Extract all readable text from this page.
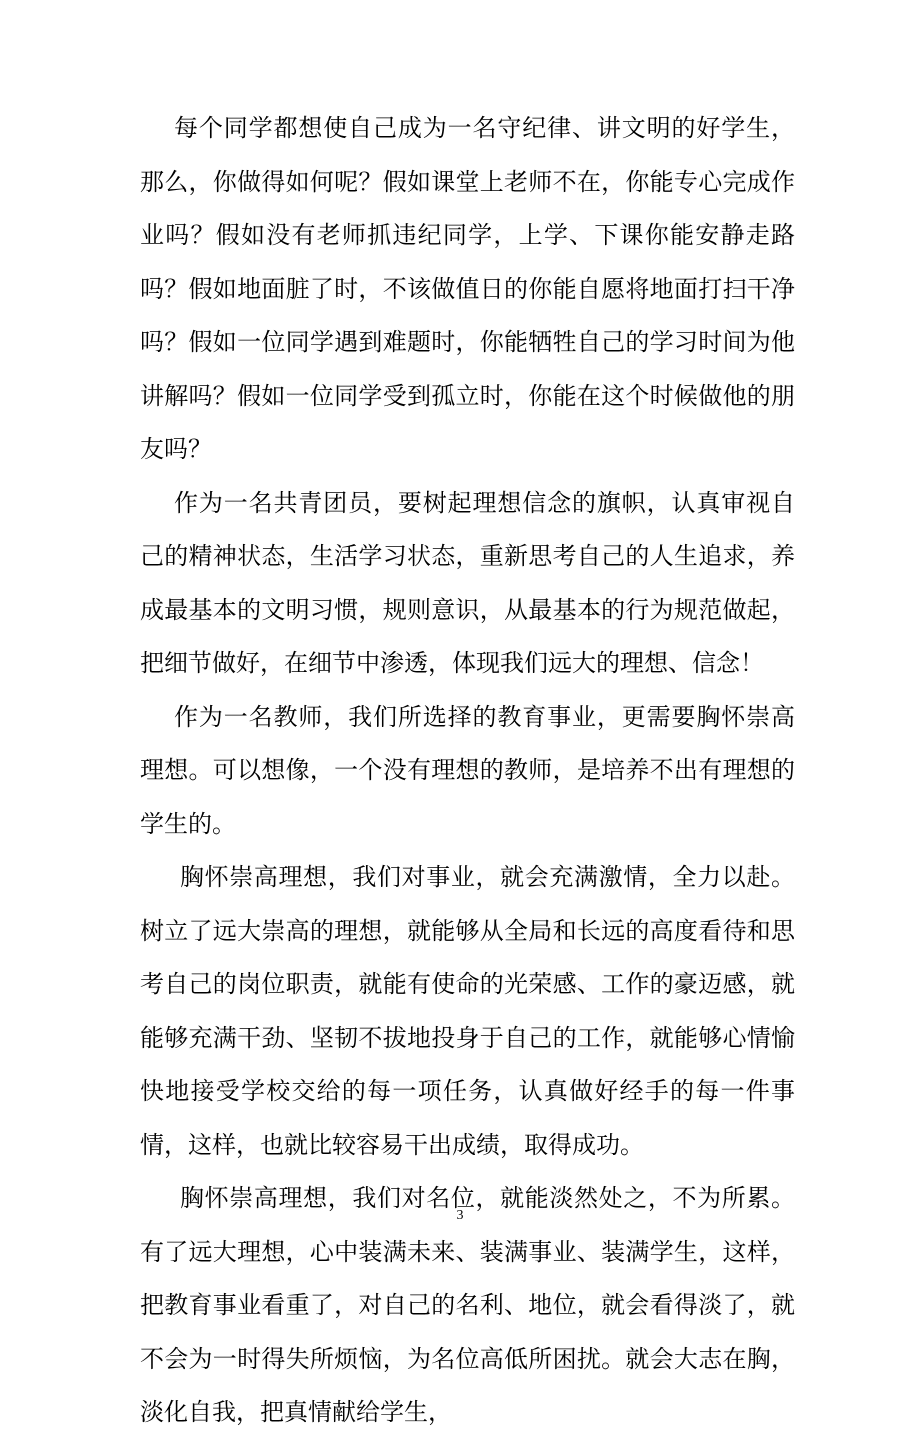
每个同学都想使自己成为一名守纪律、讲文明的好学生，那么，你做得如何呢？假如课堂上老师不在，你能专心完成作业吗？假如没有老师抓违纪同学，上学、下课你能安静走路吗？假如地面脏了时，不该做值日的你能自愿将地面打扫干净吗？假如一位同学遇到难题时，你能牺牲自己的学习时间为他讲解吗？假如一位同学受到孤立时，你能在这个时候做他的朋友吗？

作为一名共青团员，要树起理想信念的旗帜，认真审视自己的精神状态，生活学习状态，重新思考自己的人生追求，养成最基本的文明习惯，规则意识，从最基本的行为规范做起，把细节做好，在细节中渗透，体现我们远大的理想、信念！

作为一名教师，我们所选择的教育事业，更需要胸怀崇高理想。可以想像，一个没有理想的教师，是培养不出有理想的学生的。

胸怀崇高理想，我们对事业，就会充满激情，全力以赴。树立了远大崇高的理想，就能够从全局和长远的高度看待和思考自己的岗位职责，就能有使命的光荣感、工作的豪迈感，就能够充满干劲、坚韧不拔地投身于自己的工作，就能够心情愉快地接受学校交给的每一项任务，认真做好经手的每一件事情，这样，也就比较容易干出成绩，取得成功。

胸怀崇高理想，我们对名位，就能淡然处之，不为所累。有了远大理想，心中装满未来、装满事业、装满学生，这样，把教育事业看重了，对自己的名利、地位，就会看得淡了，就不会为一时得失所烦恼，为名位高低所困扰。就会大志在胸，淡化自我，把真情献给学生，

3
